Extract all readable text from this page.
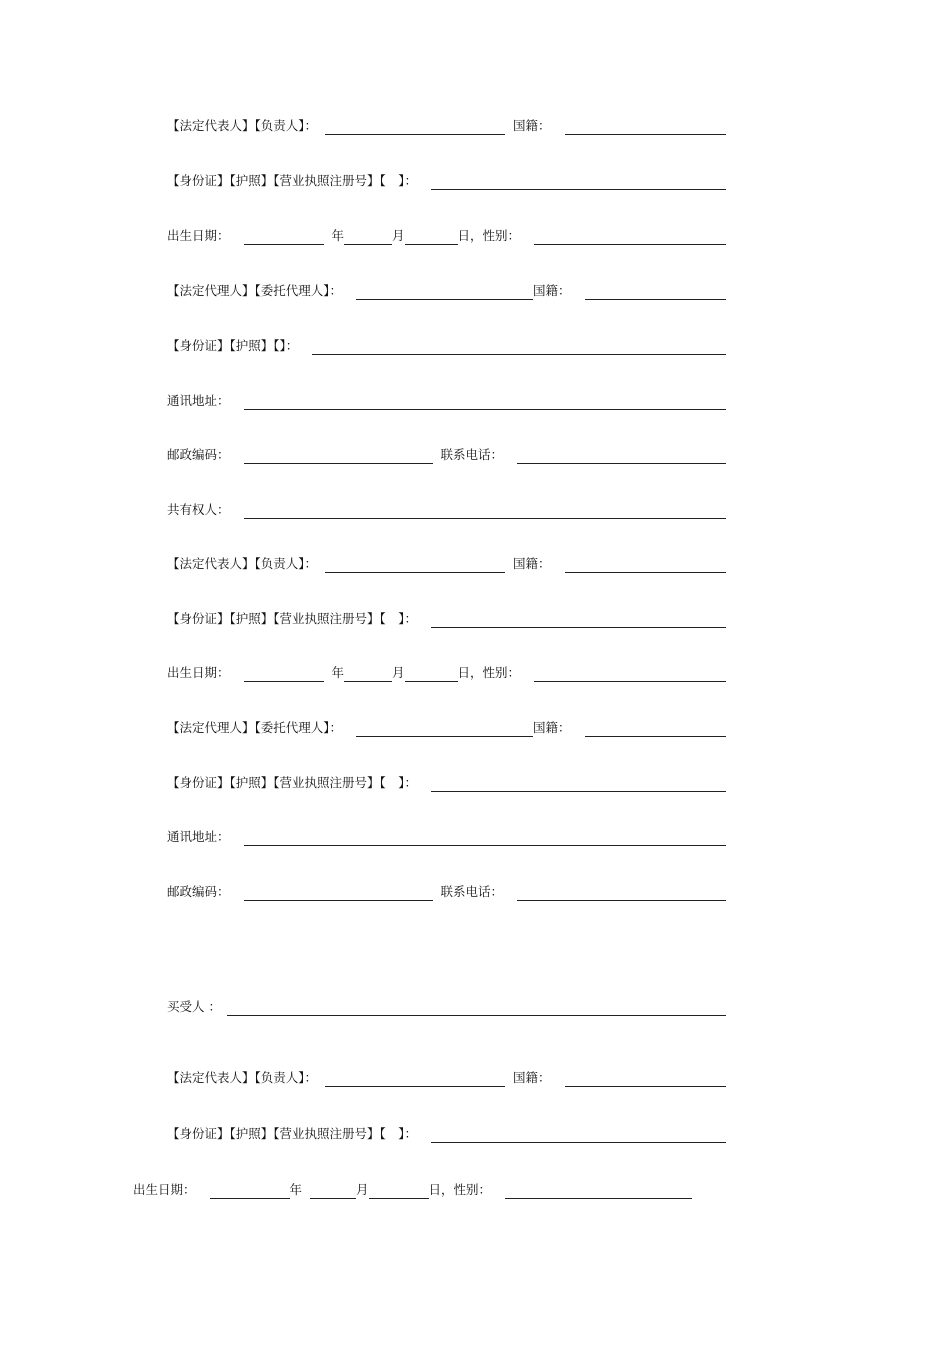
【法定代表人】【负责人】：	国籍：
【身份证】【护照】【营业执照注册号】【　】：
出生日期：	年	月	日，性别：
【法定代理人】【委托代理人】：	国籍：
【身份证】【护照】【】：
通讯地址：
邮政编码：	联系电话：
共有权人：
【法定代表人】【负责人】：	国籍：
【身份证】【护照】【营业执照注册号】【　】：
出生日期：	年	月	日，性别：
【法定代理人】【委托代理人】：	国籍：
【身份证】【护照】【营业执照注册号】【　】：
通讯地址：
邮政编码：	联系电话：
买受人 ：
【法定代表人】【负责人】：	国籍：
【身份证】【护照】【营业执照注册号】【　】：
出生日期：	年	月	日，性别：
